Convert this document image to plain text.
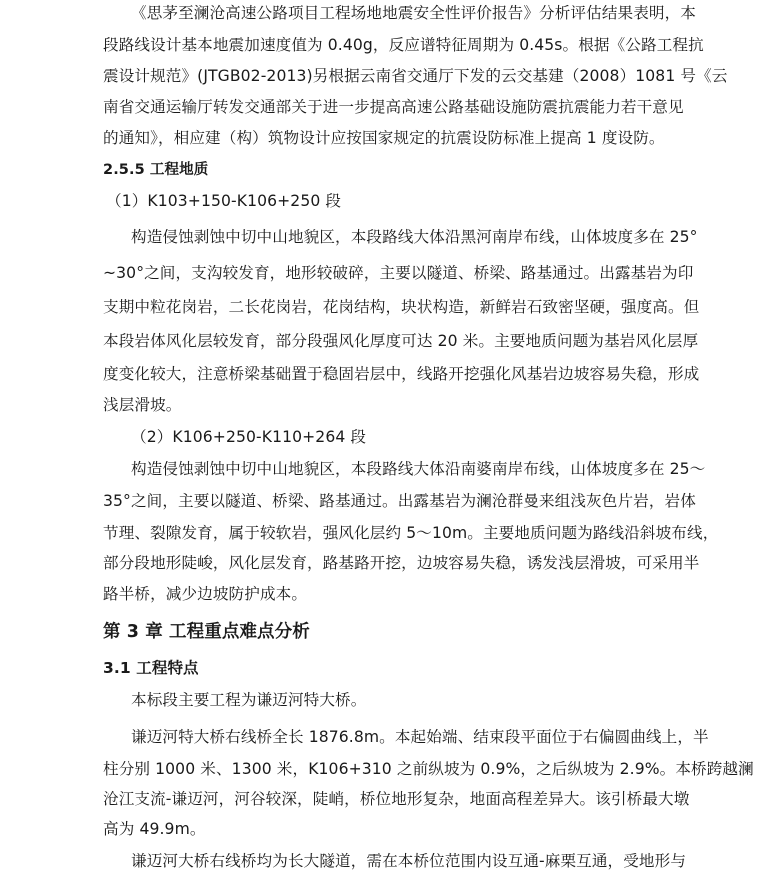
《思茅至澜沧高速公路项目工程场地地震安全性评价报告》分析评估结果表明，本
段路线设计基本地震加速度值为 0.40g，反应谱特征周期为 0.45s。根据《公路工程抗
震设计规范》(JTGB02-2013)另根据云南省交通厅下发的云交基建（2008）1081 号《云
南省交通运输厅转发交通部关于进一步提高高速公路基础设施防震抗震能力若干意见
的通知》，相应建（构）筑物设计应按国家规定的抗震设防标准上提高 1 度设防。
2.5.5 工程地质
（1）K103+150-K106+250 段
构造侵蚀剥蚀中切中山地貌区，本段路线大体沿黑河南岸布线，山体坡度多在 25°
~30°之间，支沟较发育，地形较破碎，主要以隧道、桥梁、路基通过。出露基岩为印
支期中粒花岗岩，二长花岗岩，花岗结构，块状构造，新鲜岩石致密坚硬，强度高。但
本段岩体风化层较发育，部分段强风化厚度可达 20 米。主要地质问题为基岩风化层厚
度变化较大，注意桥梁基础置于稳固岩层中，线路开挖强化风基岩边坡容易失稳，形成
浅层滑坡。
（2）K106+250-K110+264 段
构造侵蚀剥蚀中切中山地貌区，本段路线大体沿南婆南岸布线，山体坡度多在 25～
35°之间，主要以隧道、桥梁、路基通过。出露基岩为澜沧群曼来组浅灰色片岩，岩体
节理、裂隙发育，属于较软岩，强风化层约 5～10m。主要地质问题为路线沿斜坡布线，
部分段地形陡峻，风化层发育，路基路开挖，边坡容易失稳，诱发浅层滑坡，可采用半
路半桥，减少边坡防护成本。
第 3 章 工程重点难点分析
3.1 工程特点
本标段主要工程为谦迈河特大桥。
谦迈河特大桥右线桥全长 1876.8m。本起始端、结束段平面位于右偏圆曲线上，半
柱分别 1000 米、1300 米，K106+310 之前纵坡为 0.9%，之后纵坡为 2.9%。本桥跨越澜
沧江支流-谦迈河，河谷较深，陡峭，桥位地形复杂，地面高程差异大。该引桥最大墩
高为 49.9m。
谦迈河大桥右线桥均为长大隧道，需在本桥位范围内设互通-麻栗互通，受地形与
